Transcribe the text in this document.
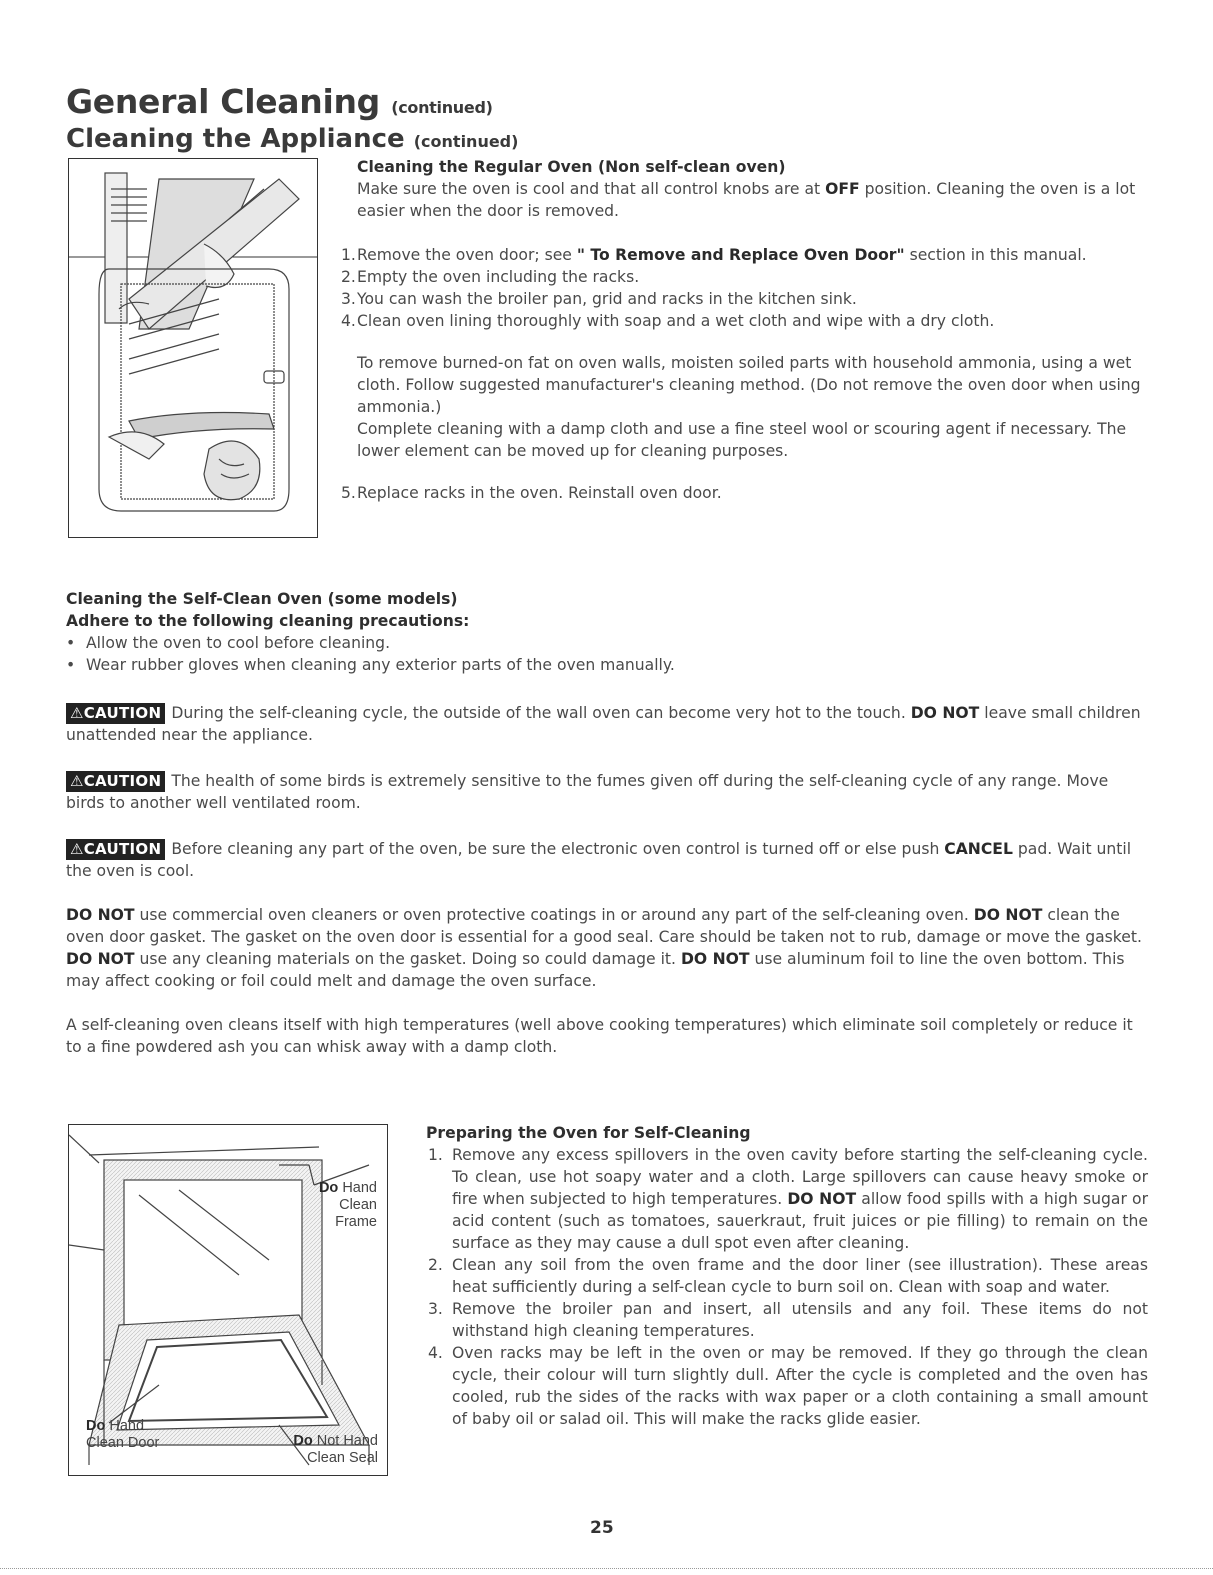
General Cleaning (continued)
Cleaning the Appliance (continued)
Cleaning the Regular Oven (Non self-clean oven)
Make sure the oven is cool and that all control knobs are at OFF position. Cleaning the oven is a lot easier when the door is removed.
1. Remove the oven door; see " To Remove and Replace Oven Door" section in this manual.
2. Empty the oven including the racks.
3. You can wash the broiler pan, grid and racks in the kitchen sink.
4. Clean oven lining thoroughly with soap and a wet cloth and wipe with a dry cloth.
To remove burned-on fat on oven walls, moisten soiled parts with household ammonia, using a wet cloth. Follow suggested manufacturer's cleaning method. (Do not remove the oven door when using ammonia.)
Complete cleaning with a damp cloth and use a fine steel wool or scouring agent if necessary. The lower element can be moved up for cleaning purposes.
5. Replace racks in the oven. Reinstall oven door.
Cleaning the Self-Clean Oven (some models)
Adhere to the following cleaning precautions:
• Allow the oven to cool before cleaning.
• Wear rubber gloves when cleaning any exterior parts of the oven manually.
⚠CAUTION During the self-cleaning cycle, the outside of the wall oven can become very hot to the touch. DO NOT leave small children unattended near the appliance.
⚠CAUTION The health of some birds is extremely sensitive to the fumes given off during the self-cleaning cycle of any range. Move birds to another well ventilated room.
⚠CAUTION Before cleaning any part of the oven, be sure the electronic oven control is turned off or else push CANCEL pad. Wait until the oven is cool.
DO NOT use commercial oven cleaners or oven protective coatings in or around any part of the self-cleaning oven. DO NOT clean the oven door gasket. The gasket on the oven door is essential for a good seal. Care should be taken not to rub, damage or move the gasket. DO NOT use any cleaning materials on the gasket. Doing so could damage it. DO NOT use aluminum foil to line the oven bottom. This may affect cooking or foil could melt and damage the oven surface.
A self-cleaning oven cleans itself with high temperatures (well above cooking temperatures) which eliminate soil completely or reduce it to a fine powdered ash you can whisk away with a damp cloth.
Do Hand
Clean
Frame
Do Hand
Clean Door	Do Not Hand
Clean Seal
Preparing the Oven for Self-Cleaning
1. Remove any excess spillovers in the oven cavity before starting the self-cleaning cycle. To clean, use hot soapy water and a cloth. Large spillovers can cause heavy smoke or fire when subjected to high temperatures. DO NOT allow food spills with a high sugar or acid content (such as tomatoes, sauerkraut, fruit juices or pie filling) to remain on the surface as they may cause a dull spot even after cleaning.
2. Clean any soil from the oven frame and the door liner (see illustration). These areas heat sufficiently during a self-clean cycle to burn soil on. Clean with soap and water.
3. Remove the broiler pan and insert, all utensils and any foil. These items do not withstand high cleaning temperatures.
4. Oven racks may be left in the oven or may be removed. If they go through the clean cycle, their colour will turn slightly dull. After the cycle is completed and the oven has cooled, rub the sides of the racks with wax paper or a cloth containing a small amount of baby oil or salad oil. This will make the racks glide easier.
25
